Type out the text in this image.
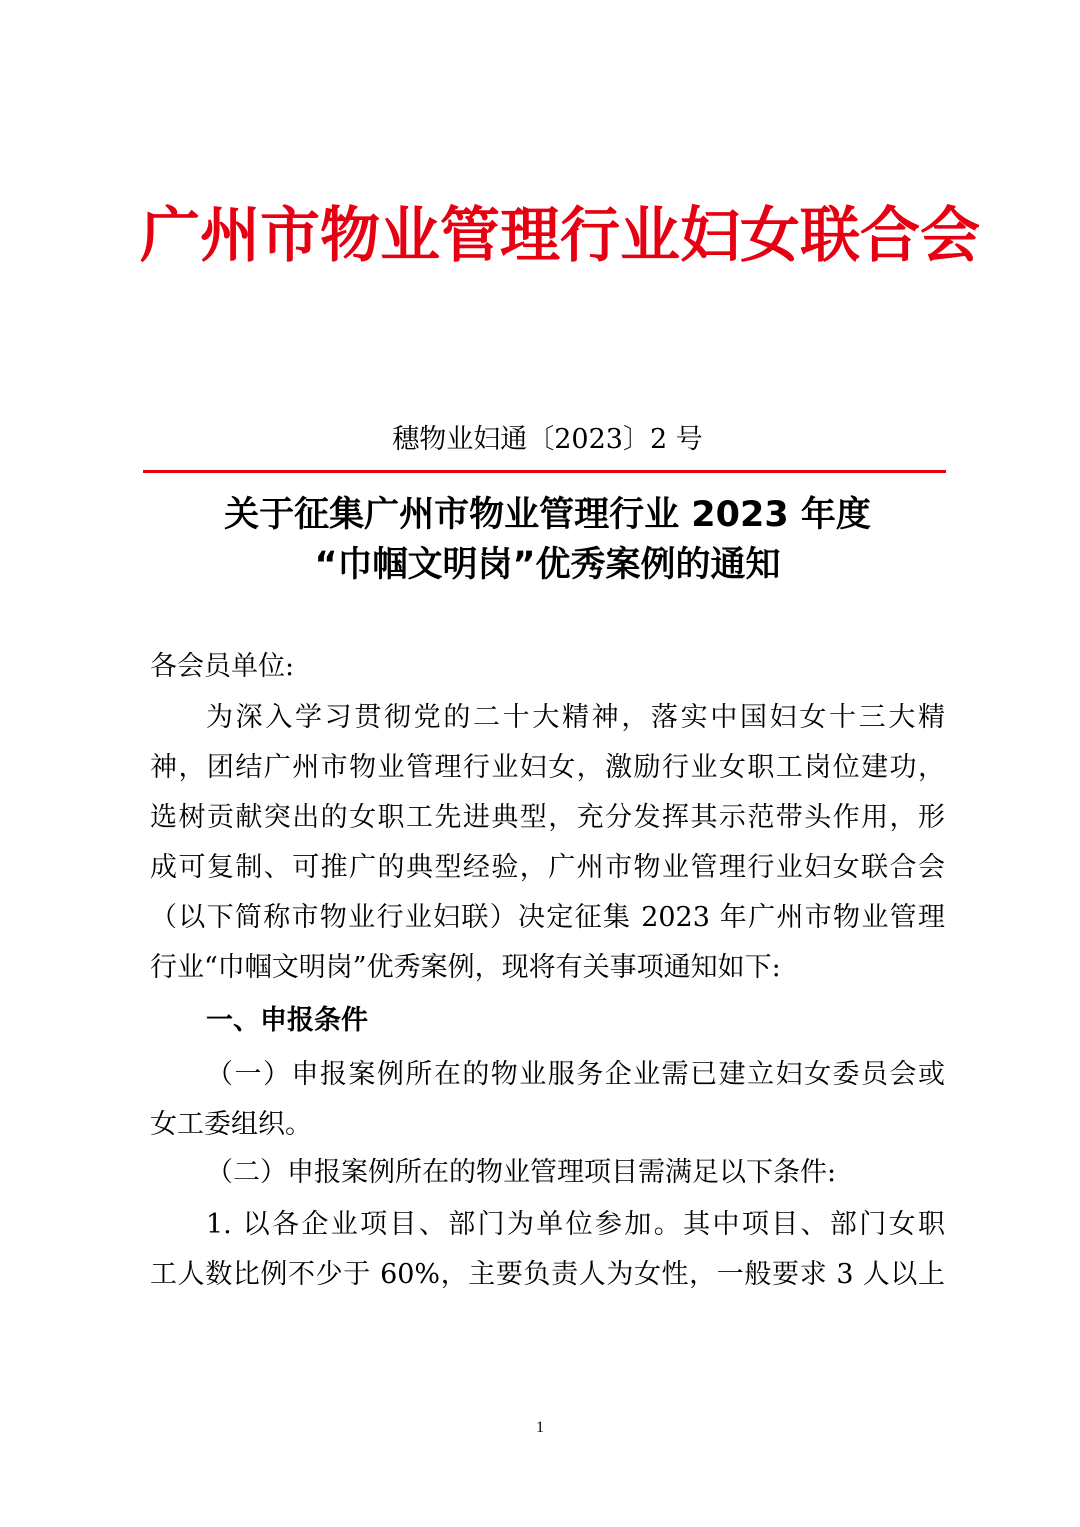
广州市物业管理行业妇女联合会
穗物业妇通〔2023〕2 号
关于征集广州市物业管理行业 2023 年度
“巾帼文明岗”优秀案例的通知
各会员单位:
为深入学习贯彻党的二十大精神，落实中国妇女十三大精
神，团结广州市物业管理行业妇女，激励行业女职工岗位建功，
选树贡献突出的女职工先进典型，充分发挥其示范带头作用，形
成可复制、可推广的典型经验，广州市物业管理行业妇女联合会
（以下简称市物业行业妇联）决定征集 2023 年广州市物业管理
行业“巾帼文明岗”优秀案例，现将有关事项通知如下:
一、申报条件
（一）申报案例所在的物业服务企业需已建立妇女委员会或
女工委组织。
（二）申报案例所在的物业管理项目需满足以下条件:
1. 以各企业项目、部门为单位参加。其中项目、部门女职
工人数比例不少于 60%，主要负责人为女性，一般要求 3 人以上
1
